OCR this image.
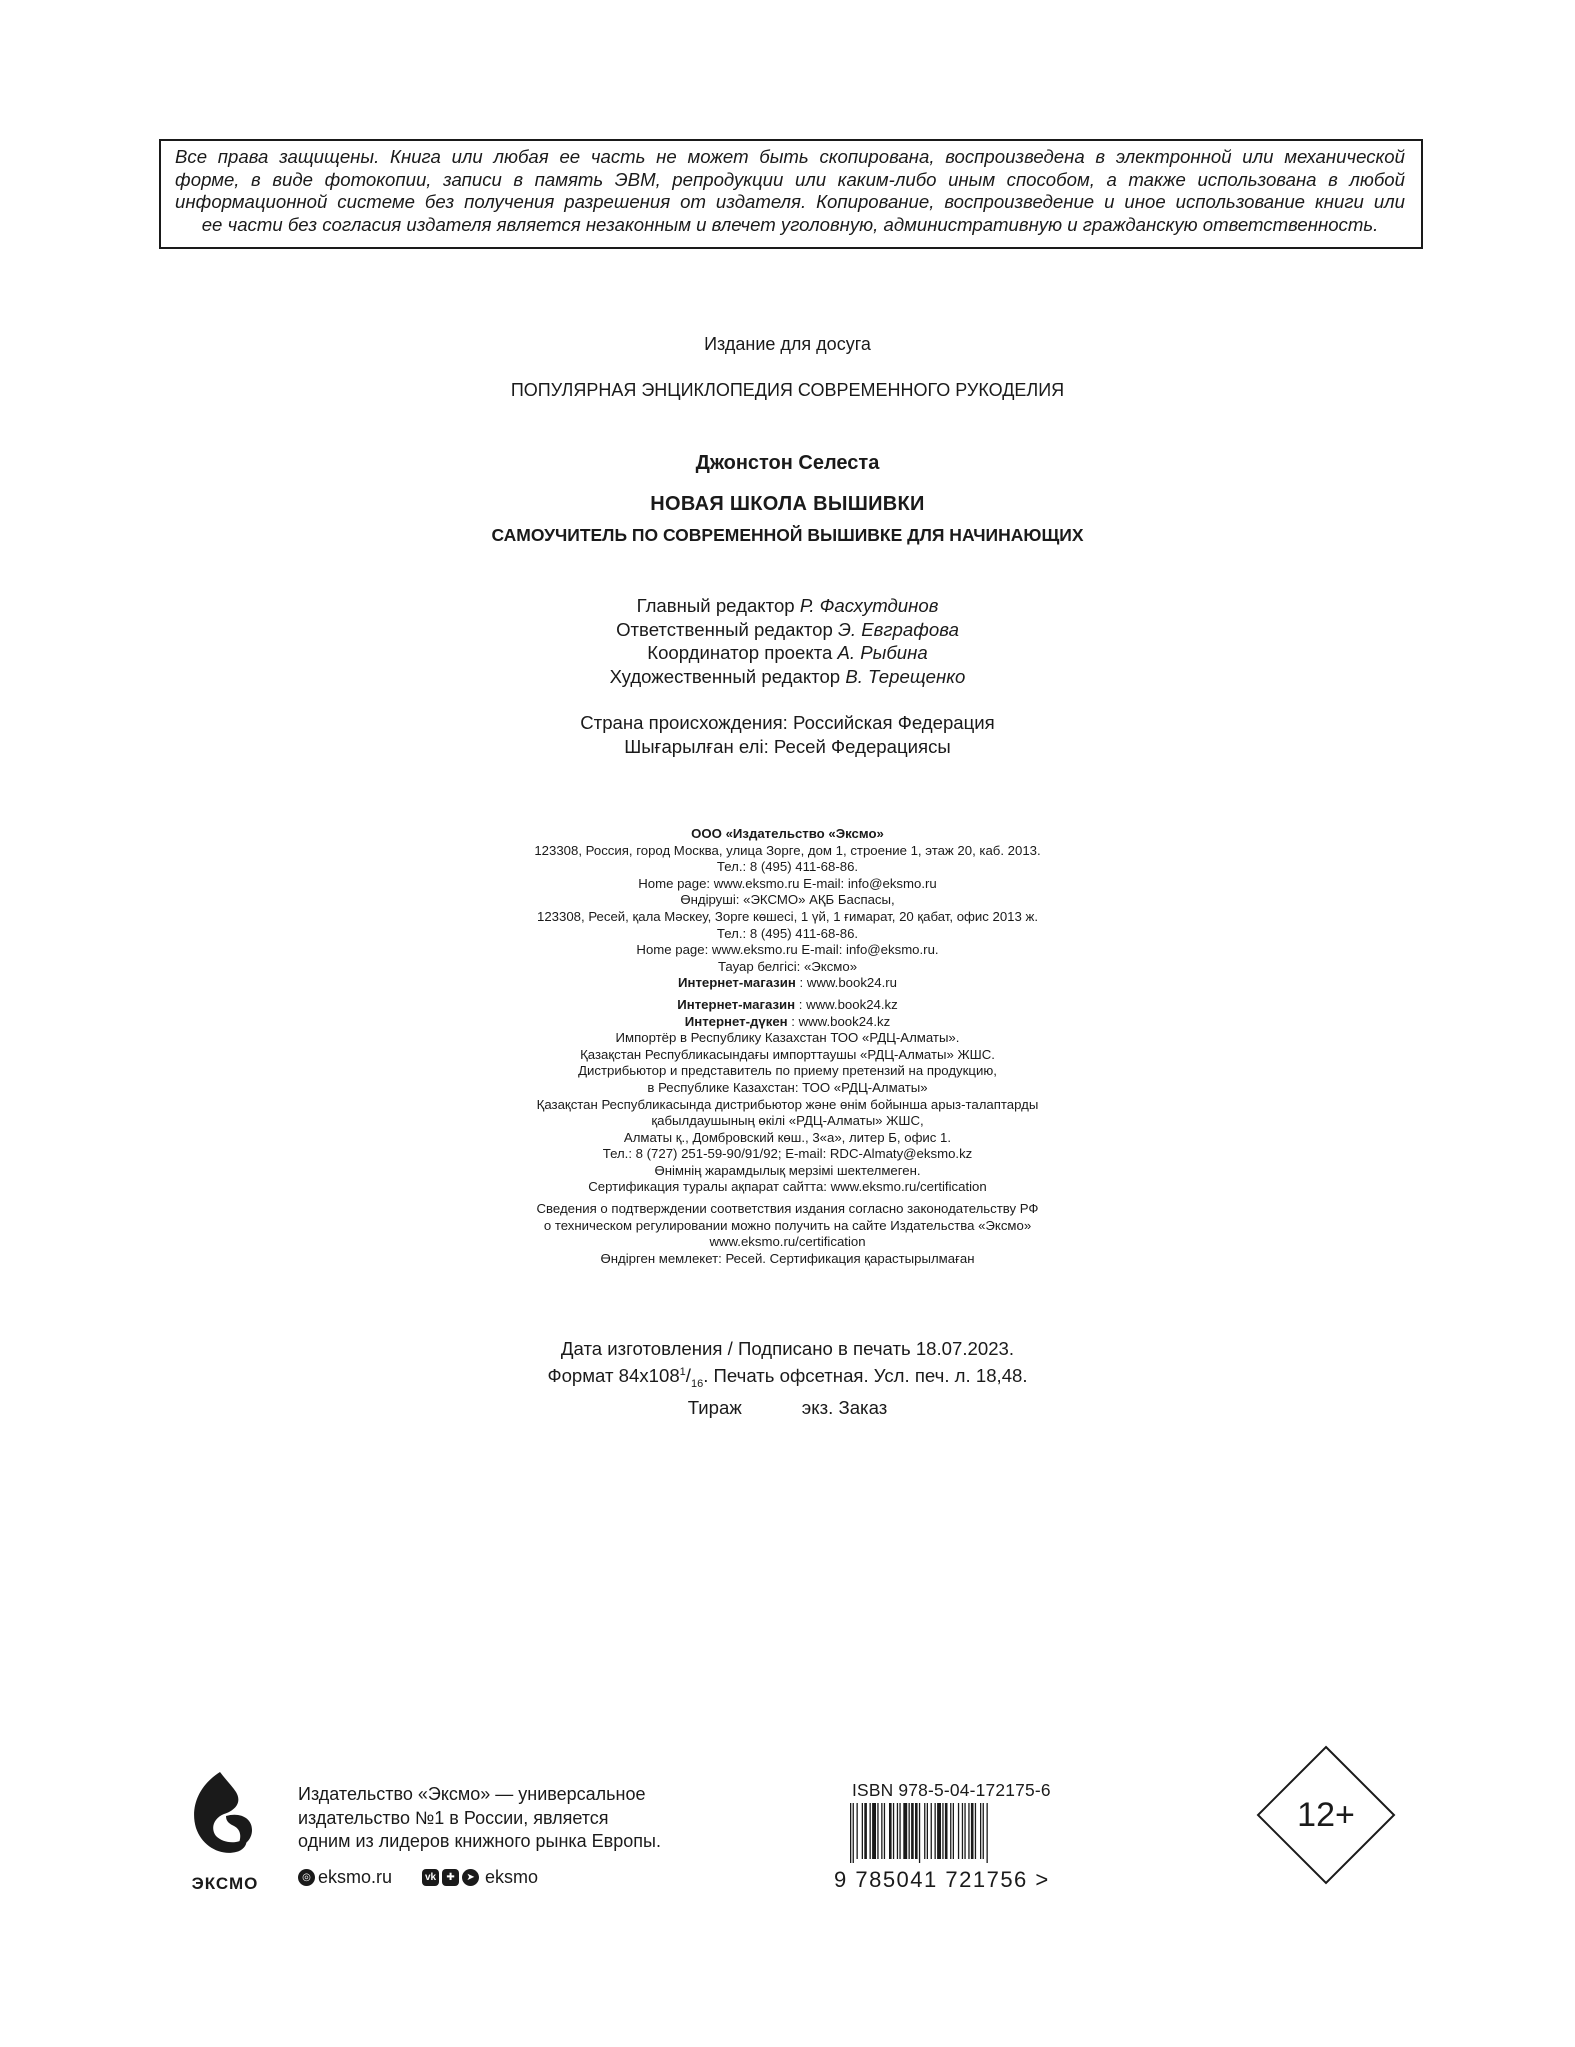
Все права защищены. Книга или любая ее часть не может быть скопирована, воспроизведена в электронной или механической
форме, в виде фотокопии, записи в память ЭВМ, репродукции или каким-либо иным способом, а также использована в любой
информационной системе без получения разрешения от издателя. Копирование, воспроизведение и иное использование книги или
ее части без согласия издателя является незаконным и влечет уголовную, административную и гражданскую ответственность.
Издание для досуга
ПОПУЛЯРНАЯ ЭНЦИКЛОПЕДИЯ СОВРЕМЕННОГО РУКОДЕЛИЯ
Джонстон Селеста
НОВАЯ ШКОЛА ВЫШИВКИ
САМОУЧИТЕЛЬ ПО СОВРЕМЕННОЙ ВЫШИВКЕ ДЛЯ НАЧИНАЮЩИХ
Главный редактор Р. Фасхутдинов
Ответственный редактор Э. Евграфова
Координатор проекта А. Рыбина
Художественный редактор В. Терещенко
Страна происхождения: Российская Федерация
Шығарылған елі: Ресей Федерациясы
ООО «Издательство «Эксмо»
123308, Россия, город Москва, улица Зорге, дом 1, строение 1, этаж 20, каб. 2013.
Тел.: 8 (495) 411-68-86.
Home page: www.eksmo.ru E-mail: info@eksmo.ru
Өндіруші: «ЭКСМО» АҚБ Баспасы,
123308, Ресей, қала Мәскеу, Зорге көшесі, 1 үй, 1 ғимарат, 20 қабат, офис 2013 ж.
Тел.: 8 (495) 411-68-86.
Home page: www.eksmo.ru E-mail: info@eksmo.ru.
Тауар белгісі: «Эксмо»
Интернет-магазин : www.book24.ru
Интернет-магазин : www.book24.kz
Интернет-дүкен : www.book24.kz
Импортёр в Республику Казахстан ТОО «РДЦ-Алматы».
Қазақстан Республикасындағы импорттаушы «РДЦ-Алматы» ЖШС.
Дистрибьютор и представитель по приему претензий на продукцию,
в Республике Казахстан: ТОО «РДЦ-Алматы»
Қазақстан Республикасында дистрибьютор және өнім бойынша арыз-талаптарды
қабылдаушының өкілі «РДЦ-Алматы» ЖШС,
Алматы қ., Домбровский көш., 3«а», литер Б, офис 1.
Тел.: 8 (727) 251-59-90/91/92; E-mail: RDC-Almaty@eksmo.kz
Өнімнің жарамдылық мерзімі шектелмеген.
Сертификация туралы ақпарат сайтта: www.eksmo.ru/certification
Сведения о подтверждении соответствия издания согласно законодательству РФ
о техническом регулировании можно получить на сайте Издательства «Эксмо»
www.eksmo.ru/certification
Өндірген мемлекет: Ресей. Сертификация қарастырылмаған
Дата изготовления / Подписано в печать 18.07.2023.
Формат $84х108^1/_{16}$. Печать офсетная. Усл. печ. л. 18,48.
Тираж	экз. Заказ
ЭКСМО
Издательство «Эксмо» — универсальное
издательство №1 в России, является
одним из лидеров книжного рынка Европы.
◎ eksmo.ru	vk	✚	➤ eksmo
ISBN 978-5-04-172175-6
9 785041 721756 >
12+
